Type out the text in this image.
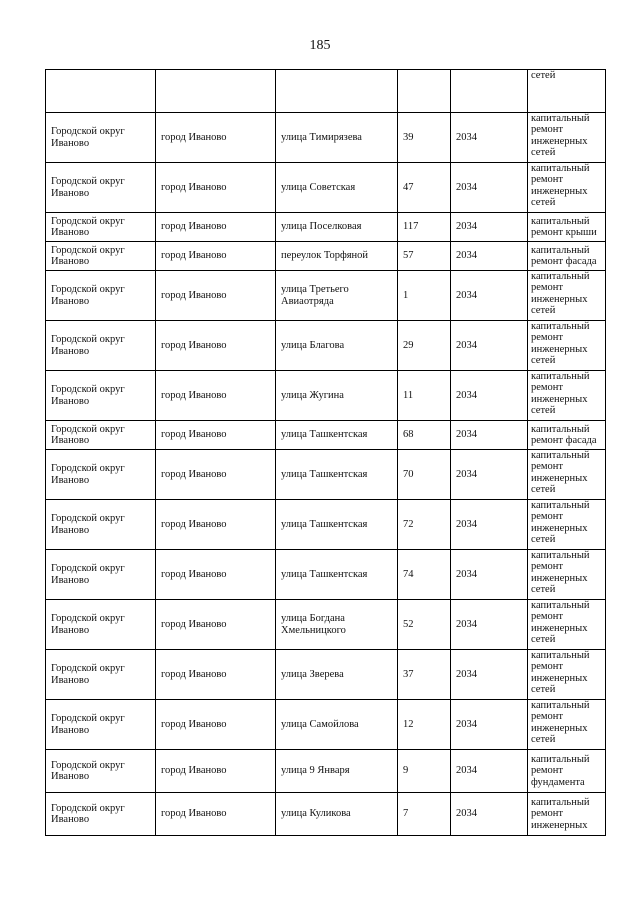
185
					сетей
Городской округ Иваново	город Иваново	улица Тимирязева	39	2034	капитальный ремонт инженерных сетей
Городской округ Иваново	город Иваново	улица Советская	47	2034	капитальный ремонт инженерных сетей
Городской округ Иваново	город Иваново	улица Поселковая	117	2034	капитальный ремонт крыши
Городской округ Иваново	город Иваново	переулок Торфяной	57	2034	капитальный ремонт фасада
Городской округ Иваново	город Иваново	улица Третьего Авиаотряда	1	2034	капитальный ремонт инженерных сетей
Городской округ Иваново	город Иваново	улица Благова	29	2034	капитальный ремонт инженерных сетей
Городской округ Иваново	город Иваново	улица Жугина	11	2034	капитальный ремонт инженерных сетей
Городской округ Иваново	город Иваново	улица Ташкентская	68	2034	капитальный ремонт фасада
Городской округ Иваново	город Иваново	улица Ташкентская	70	2034	капитальный ремонт инженерных сетей
Городской округ Иваново	город Иваново	улица Ташкентская	72	2034	капитальный ремонт инженерных сетей
Городской округ Иваново	город Иваново	улица Ташкентская	74	2034	капитальный ремонт инженерных сетей
Городской округ Иваново	город Иваново	улица Богдана Хмельницкого	52	2034	капитальный ремонт инженерных сетей
Городской округ Иваново	город Иваново	улица Зверева	37	2034	капитальный ремонт инженерных сетей
Городской округ Иваново	город Иваново	улица Самойлова	12	2034	капитальный ремонт инженерных сетей
Городской округ Иваново	город Иваново	улица 9 Января	9	2034	капитальный ремонт фундамента
Городской округ Иваново	город Иваново	улица Куликова	7	2034	капитальный ремонт инженерных
